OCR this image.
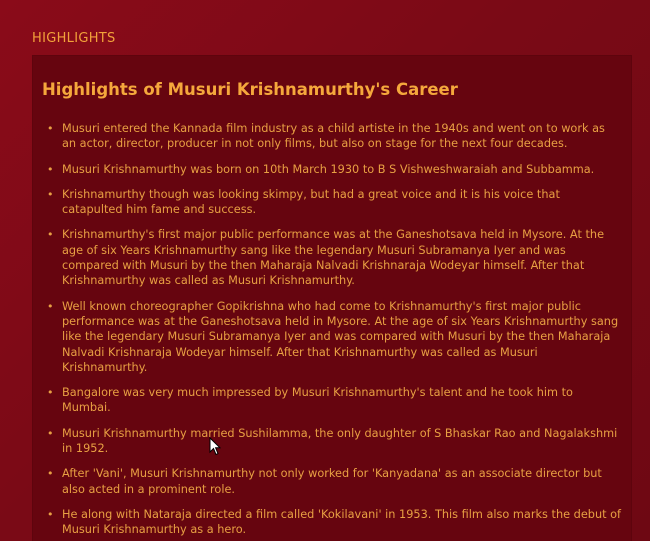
HIGHLIGHTS
Highlights of Musuri Krishnamurthy's Career
• Musuri entered the Kannada film industry as a child artiste in the 1940s and went on to work as an actor, director, producer in not only films, but also on stage for the next four decades.
• Musuri Krishnamurthy was born on 10th March 1930 to B S Vishweshwaraiah and Subbamma.
• Krishnamurthy though was looking skimpy, but had a great voice and it is his voice that catapulted him fame and success.
• Krishnamurthy's first major public performance was at the Ganeshotsava held in Mysore. At the age of six Years Krishnamurthy sang like the legendary Musuri Subramanya Iyer and was compared with Musuri by the then Maharaja Nalvadi Krishnaraja Wodeyar himself. After that Krishnamurthy was called as Musuri Krishnamurthy.
• Well known choreographer Gopikrishna who had come to Krishnamurthy's first major public performance was at the Ganeshotsava held in Mysore. At the age of six Years Krishnamurthy sang like the legendary Musuri Subramanya Iyer and was compared with Musuri by the then Maharaja Nalvadi Krishnaraja Wodeyar himself. After that Krishnamurthy was called as Musuri Krishnamurthy.
• Bangalore was very much impressed by Musuri Krishnamurthy's talent and he took him to Mumbai.
• Musuri Krishnamurthy married Sushilamma, the only daughter of S Bhaskar Rao and Nagalakshmi in 1952.
• After 'Vani', Musuri Krishnamurthy not only worked for 'Kanyadana' as an associate director but also acted in a prominent role.
• He along with Nataraja directed a film called 'Kokilavani' in 1953. This film also marks the debut of Musuri Krishnamurthy as a hero.
